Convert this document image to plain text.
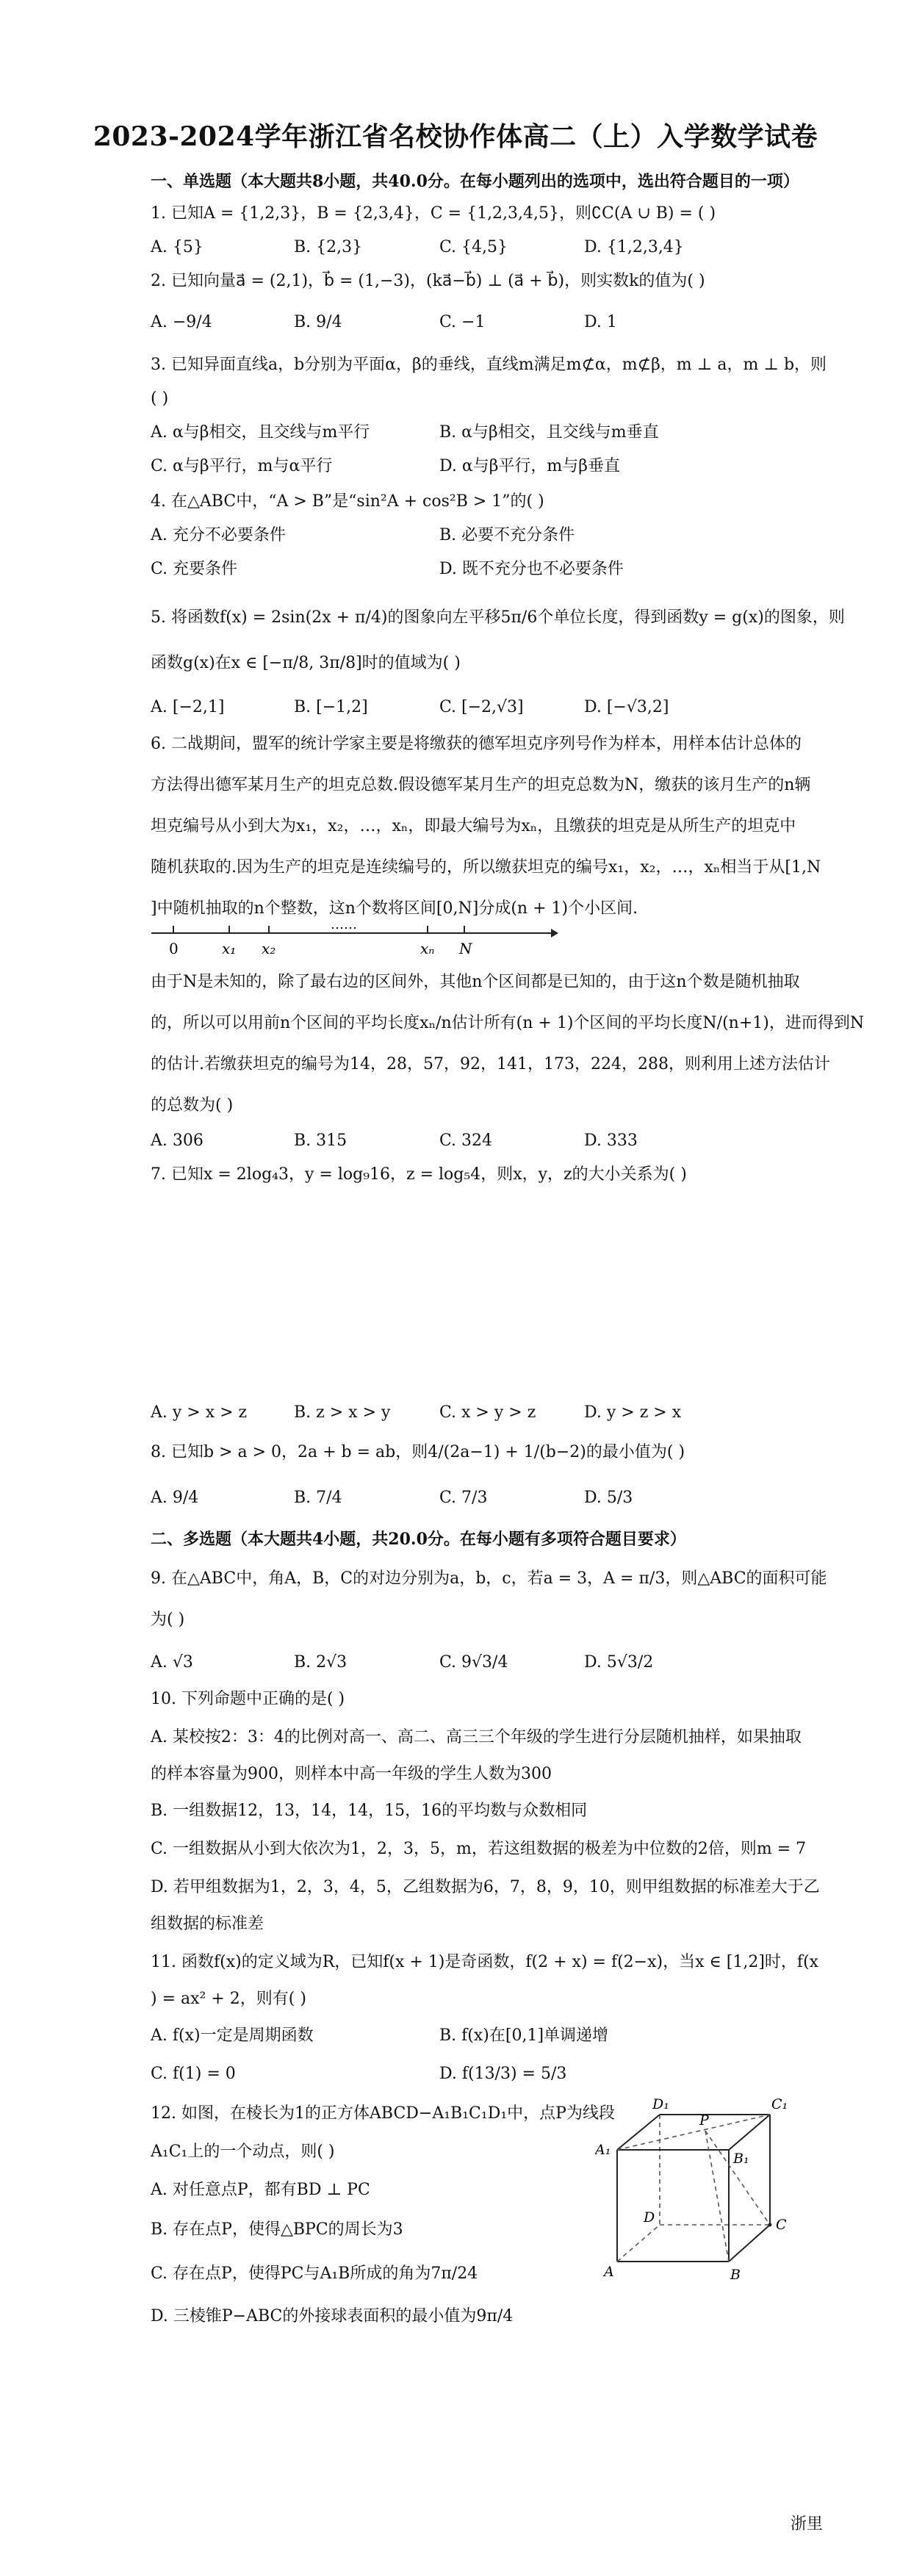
2023-2024学年浙江省名校协作体高二（上）入学数学试卷
一、单选题（本大题共8小题，共40.0分。在每小题列出的选项中，选出符合题目的一项）
1. 已知A = {1,2,3}，B = {2,3,4}，C = {1,2,3,4,5}，则∁C(A ∪ B) = ( )
A. {5}	B. {2,3}	C. {4,5}	D. {1,2,3,4}
2. 已知向量a⃗ = (2,1)，b⃗ = (1,−3)，(ka⃗−b⃗) ⊥ (a⃗ + b⃗)，则实数k的值为( )
A. −9/4	B. 9/4	C. −1	D. 1
3. 已知异面直线a，b分别为平面α，β的垂线，直线m满足m⊄α，m⊄β，m ⊥ a，m ⊥ b，则
( )
A. α与β相交，且交线与m平行	B. α与β相交，且交线与m垂直
C. α与β平行，m与α平行	D. α与β平行，m与β垂直
4. 在△ABC中，“A > B”是“sin²A + cos²B > 1”的( )
A. 充分不必要条件	B. 必要不充分条件
C. 充要条件	D. 既不充分也不必要条件
5. 将函数f(x) = 2sin(2x + π/4)的图象向左平移5π/6个单位长度，得到函数y = g(x)的图象，则
函数g(x)在x ∈ [−π/8, 3π/8]时的值域为( )
A. [−2,1]	B. [−1,2]	C. [−2,√3]	D. [−√3,2]
6. 二战期间，盟军的统计学家主要是将缴获的德军坦克序列号作为样本，用样本估计总体的
方法得出德军某月生产的坦克总数.假设德军某月生产的坦克总数为N，缴获的该月生产的n辆
坦克编号从小到大为x₁，x₂，…，xₙ，即最大编号为xₙ，且缴获的坦克是从所生产的坦克中
随机获取的.因为生产的坦克是连续编号的，所以缴获坦克的编号x₁，x₂，…，xₙ相当于从[1,N
]中随机抽取的n个整数，这n个数将区间[0,N]分成(n + 1)个小区间.
0	x₁ x₂
……
xₙ N
由于N是未知的，除了最右边的区间外，其他n个区间都是已知的，由于这n个数是随机抽取
的，所以可以用前n个区间的平均长度xₙ/n估计所有(n + 1)个区间的平均长度N/(n+1)，进而得到N
的估计.若缴获坦克的编号为14，28，57，92，141，173，224，288，则利用上述方法估计
的总数为( )
A. 306	B. 315	C. 324	D. 333
7. 已知x = 2log₄3，y = log₉16，z = log₅4，则x，y，z的大小关系为( )
A. y > x > z	B. z > x > y	C. x > y > z	D. y > z > x
8. 已知b > a > 0，2a + b = ab，则4/(2a−1) + 1/(b−2)的最小值为( )
A. 9/4	B. 7/4	C. 7/3	D. 5/3
二、多选题（本大题共4小题，共20.0分。在每小题有多项符合题目要求）
9. 在△ABC中，角A，B，C的对边分别为a，b，c，若a = 3，A = π/3，则△ABC的面积可能
为( )
A. √3	B. 2√3	C. 9√3/4	D. 5√3/2
10. 下列命题中正确的是( )
A. 某校按2：3：4的比例对高一、高二、高三三个年级的学生进行分层随机抽样，如果抽取
的样本容量为900，则样本中高一年级的学生人数为300
B. 一组数据12，13，14，14，15，16的平均数与众数相同
C. 一组数据从小到大依次为1，2，3，5，m，若这组数据的极差为中位数的2倍，则m = 7
D. 若甲组数据为1，2，3，4，5，乙组数据为6，7，8，9，10，则甲组数据的标准差大于乙
组数据的标准差
11. 函数f(x)的定义域为R，已知f(x + 1)是奇函数，f(2 + x) = f(2−x)，当x ∈ [1,2]时，f(x
) = ax² + 2，则有( )
A. f(x)一定是周期函数	B. f(x)在[0,1]单调递增
C. f(1) = 0	D. f(13/3) = 5/3
12. 如图，在棱长为1的正方体ABCD−A₁B₁C₁D₁中，点P为线段
A₁C₁上的一个动点，则( )
A. 对任意点P，都有BD ⊥ PC
B. 存在点P，使得△BPC的周长为3
C. 存在点P，使得PC与A₁B所成的角为7π/24
D. 三棱锥P−ABC的外接球表面积的最小值为9π/4
D₁	C₁
P
A₁
B₁
D	C
A	B
浙里
